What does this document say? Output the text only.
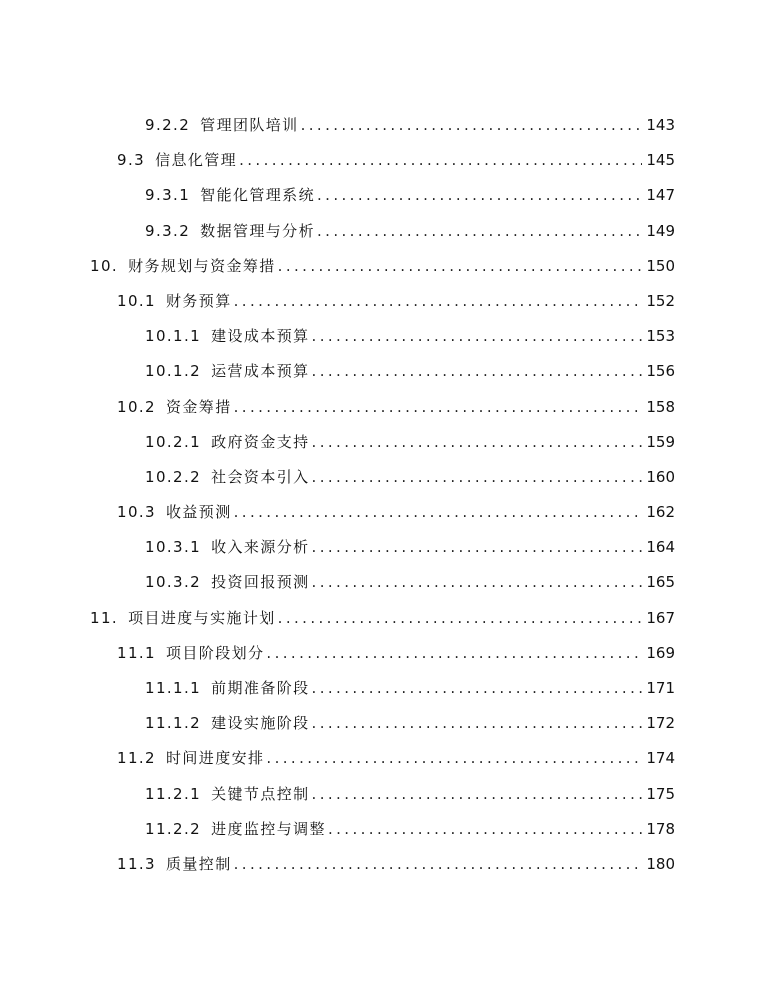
9.2.2 管理团队培训 .....	143
9.3 信息化管理 .....	145
9.3.1 智能化管理系统 .....	147
9.3.2 数据管理与分析 .....	149
10. 财务规划与资金筹措 .....	150
10.1 财务预算 .....	152
10.1.1 建设成本预算 .....	153
10.1.2 运营成本预算 .....	156
10.2 资金筹措 .....	158
10.2.1 政府资金支持 .....	159
10.2.2 社会资本引入 .....	160
10.3 收益预测 .....	162
10.3.1 收入来源分析 .....	164
10.3.2 投资回报预测 .....	165
11. 项目进度与实施计划 .....	167
11.1 项目阶段划分 .....	169
11.1.1 前期准备阶段 .....	171
11.1.2 建设实施阶段 .....	172
11.2 时间进度安排 .....	174
11.2.1 关键节点控制 .....	175
11.2.2 进度监控与调整 .....	178
11.3 质量控制 .....	180
